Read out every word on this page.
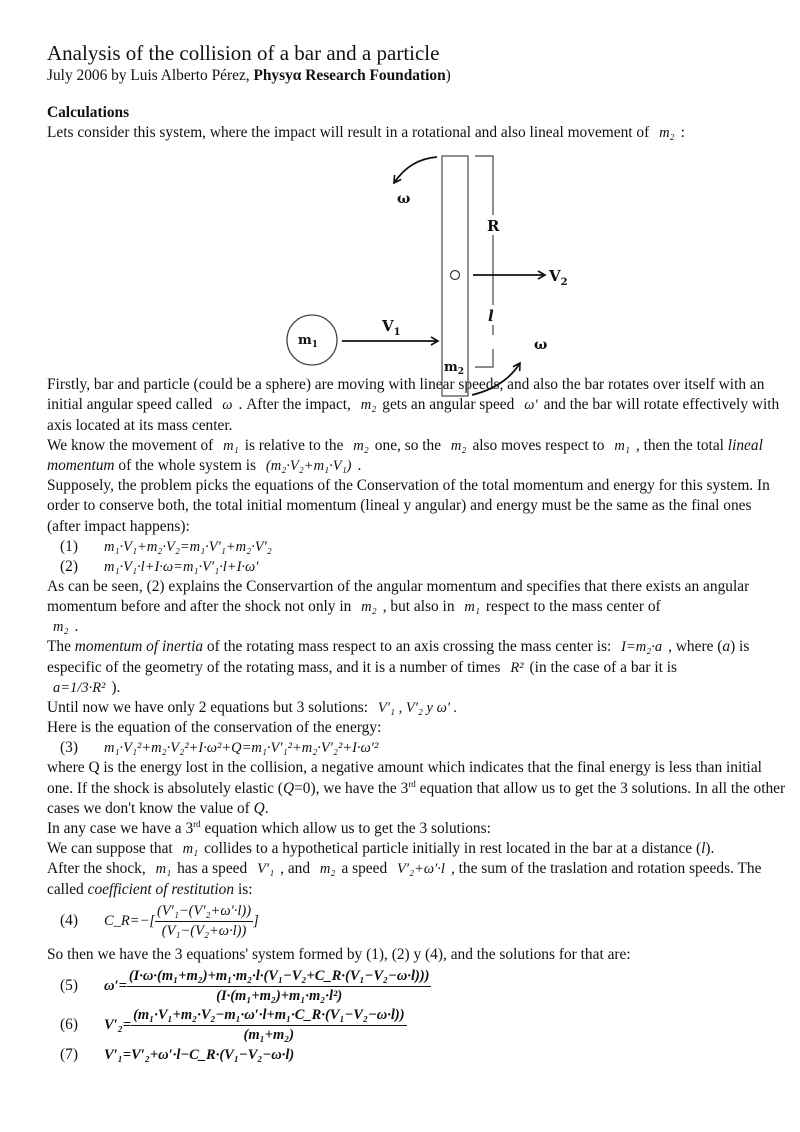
Analysis of the collision of a bar and a particle
July 2006 by Luis Alberto Pérez, Physyα Research Foundation)
Calculations
Lets consider this system, where the impact will result in a rotational and also lineal movement of m₂ :
Firstly, bar and particle (could be a sphere) are moving with linear speeds, and also the bar rotates over itself with an initial angular speed called ω . After the impact, m₂ gets an angular speed ω′ and the bar will rotate effectively with axis located at its mass center.
We know the movement of m₁ is relative to the m₂ one, so the m₂ also moves respect to m₁ , then the total lineal momentum of the whole system is (m₂·V₂+m₁·V₁) .
Supposely, the problem picks the equations of the Conservation of the total momentum and energy for this system. In order to conserve both, the total initial momentum (lineal y angular) and energy must be the same as the final ones (after impact happens):
(1) m₁·V₁+m₂·V₂=m₁·V′₁+m₂·V′₂
(2) m₁·V₁·l+I·ω=m₁·V′₁·l+I·ω′
As can be seen, (2) explains the Conservartion of the angular momentum and specifies that there exists an angular momentum before and after the shock not only in m₂ , but also in m₁ respect to the mass center of
m₂ .
The momentum of inertia of the rotating mass respect to an axis crossing the mass center is: I=m₂·a , where (a) is especific of the geometry of the rotating mass, and it is a number of times R² (in the case of a bar it is
a=1/3·R² ).
Until now we have only 2 equations but 3 solutions: V′₁ , V′₂ y ω′ .
Here is the equation of the conservation of the energy:
(3) m₁·V₁²+m₂·V₂²+I·ω²+Q=m₁·V′₁²+m₂·V′₂²+I·ω′²
where Q is the energy lost in the collision, a negative amount which indicates that the final energy is less than initial one. If the shock is absolutely elastic (Q=0), we have the 3rd equation that allow us to get the 3 solutions. In all the other cases we don't know the value of Q.
In any case we have a 3rd equation which allow us to get the 3 solutions:
We can suppose that m₁ collides to a hypothetical particle initially in rest located in the bar at a distance (l).
After the shock, m₁ has a speed V′₁ , and m₂ a speed V′₂+ω′·l , the sum of the traslation and rotation speeds. The called coefficient of restitution is:
(4) C_R=−[ $\frac{\text{(V′₁−(V′₂+ω′·l))}}{\text{(V₁−(V₂+ω·l))}}$ ]
So then we have the 3 equations' system formed by (1), (2) y (4), and the solutions for that are:
(5) $\omega'= \frac{\text{(I·ω·(m₁+m₂)+m₁·m₂·l·(V₁−V₂+C\_R·(V₁−V₂−ω·l)))}}{\text{(I·(m₁+m₂)+m₁·m₂·l²)}}$
(6) $V'_2= \frac{\text{(m₁·V₁+m₂·V₂−m₁·ω′·l+m₁·C\_R·(V₁−V₂−ω·l))}}{\text{(m₁+m₂)}}$
(7) V′₁=V′₂+ω′·l−C_R·(V₁−V₂−ω·l)
R
l
$V_2$
$m_1$
$V_1$
$m_2$
ω
ω
